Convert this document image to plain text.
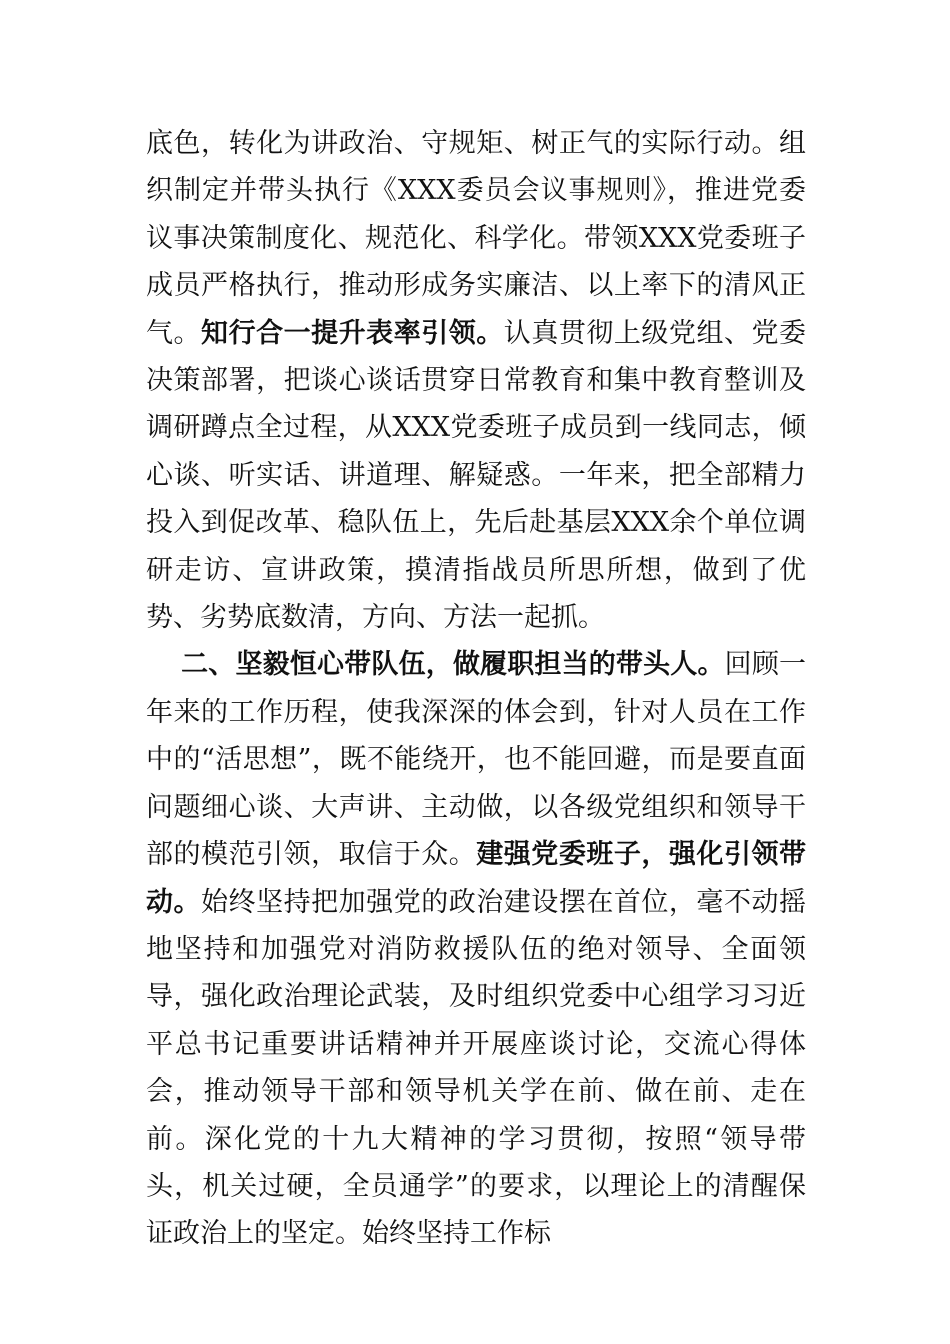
底色，转化为讲政治、守规矩、树正气的实际行动。组织制定并带头执行《XXX委员会议事规则》，推进党委议事决策制度化、规范化、科学化。带领XXX党委班子成员严格执行，推动形成务实廉洁、以上率下的清风正气。知行合一提升表率引领。认真贯彻上级党组、党委决策部署，把谈心谈话贯穿日常教育和集中教育整训及调研蹲点全过程，从XXX党委班子成员到一线同志，倾心谈、听实话、讲道理、解疑惑。一年来，把全部精力投入到促改革、稳队伍上，先后赴基层XXX余个单位调研走访、宣讲政策，摸清指战员所思所想，做到了优势、劣势底数清，方向、方法一起抓。

二、坚毅恒心带队伍，做履职担当的带头人。回顾一年来的工作历程，使我深深的体会到，针对人员在工作中的“活思想”，既不能绕开，也不能回避，而是要直面问题细心谈、大声讲、主动做，以各级党组织和领导干部的模范引领，取信于众。建强党委班子，强化引领带动。始终坚持把加强党的政治建设摆在首位，毫不动摇地坚持和加强党对消防救援队伍的绝对领导、全面领导，强化政治理论武装，及时组织党委中心组学习习近平总书记重要讲话精神并开展座谈讨论，交流心得体会，推动领导干部和领导机关学在前、做在前、走在前。深化党的十九大精神的学习贯彻，按照“领导带头，机关过硬，全员通学”的要求，以理论上的清醒保证政治上的坚定。始终坚持工作标
